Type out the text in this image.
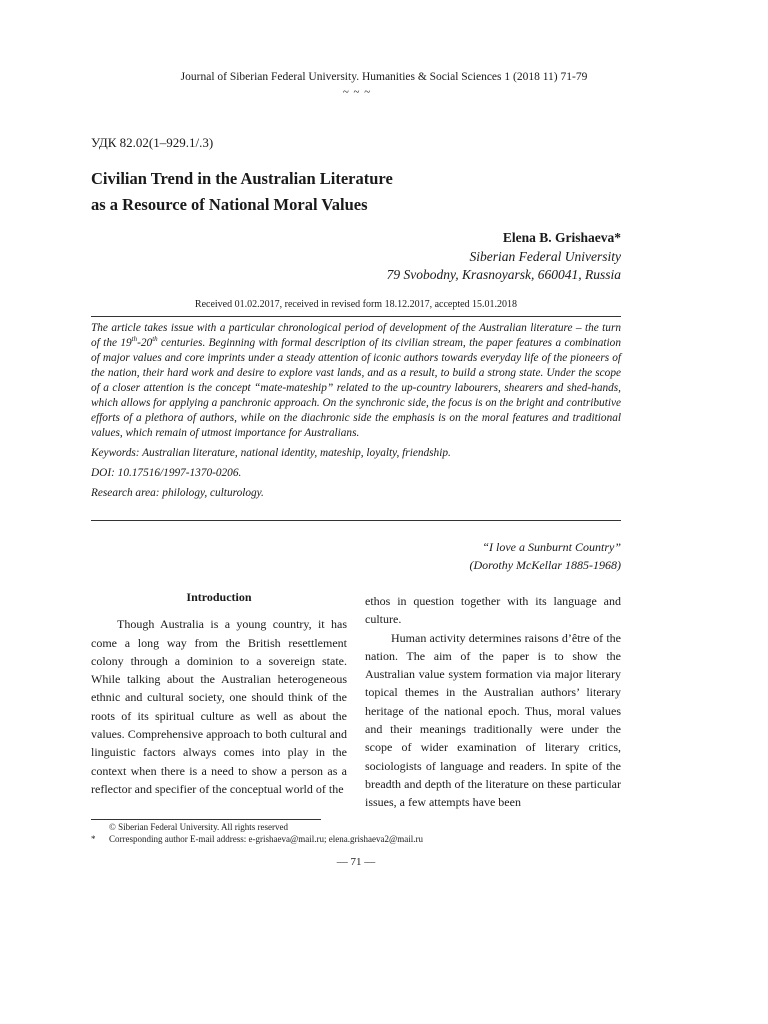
Journal of Siberian Federal University. Humanities & Social Sciences 1 (2018 11) 71-79
~ ~ ~
УДК 82.02(1–929.1/.3)
Civilian Trend in the Australian Literature
as a Resource of National Moral Values
Elena B. Grishaeva*
Siberian Federal University
79 Svobodny, Krasnoyarsk, 660041, Russia
Received 01.02.2017, received in revised form 18.12.2017, accepted 15.01.2018

The article takes issue with a particular chronological period of development of the Australian literature – the turn of the 19th-20th centuries. Beginning with formal description of its civilian stream, the paper features a combination of major values and core imprints under a steady attention of iconic authors towards everyday life of the pioneers of the nation, their hard work and desire to explore vast lands, and as a result, to build a strong state. Under the scope of a closer attention is the concept “mate-mateship” related to the up-country labourers, shearers and shed-hands, which allows for applying a panchronic approach. On the synchronic side, the focus is on the bright and contributive efforts of a plethora of authors, while on the diachronic side the emphasis is on the moral features and traditional values, which remain of utmost importance for Australians.

Keywords: Australian literature, national identity, mateship, loyalty, friendship.

DOI: 10.17516/1997-1370-0206.

Research area: philology, culturology.

“I love a Sunburnt Country”
(Dorothy McKellar 1885-1968)
Introduction

Though Australia is a young country, it has come a long way from the British resettlement colony through a dominion to a sovereign state. While talking about the Australian heterogeneous ethnic and cultural society, one should think of the roots of its spiritual culture as well as about the values. Comprehensive approach to both cultural and linguistic factors always comes into play in the context when there is a need to show a person as a reflector and specifier of the conceptual world of the

ethos in question together with its language and culture.

Human activity determines raisons d’être of the nation. The aim of the paper is to show the Australian value system formation via major literary topical themes in the Australian authors’ literary heritage of the national epoch. Thus, moral values and their meanings traditionally were under the scope of wider examination of literary critics, sociologists of language and readers. In spite of the breadth and depth of the literature on these particular issues, a few attempts have been

© Siberian Federal University. All rights reserved
*	Corresponding author E-mail address: e-grishaeva@mail.ru; elena.grishaeva2@mail.ru
— 71 —
